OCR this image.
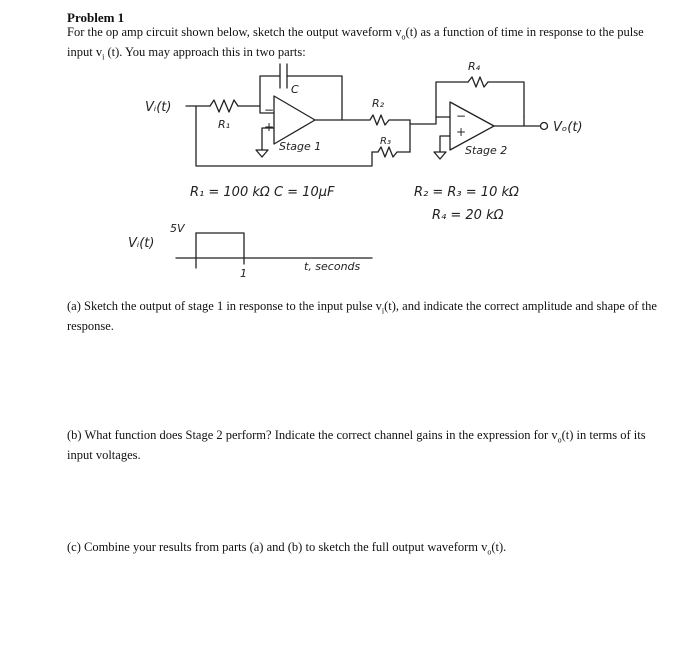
Problem 1
For the op amp circuit shown below, sketch the output waveform $v_o(t)$ as a function of time in response to the pulse input $v_i$ (t). You may approach this in two parts:
Vᵢ(t)
R₁
C
−
+
Stage 1
R₂
R₃
R₄
−
+
Stage 2
Vₒ(t)
R₁ = 100 kΩ C = 10μF	R₂ = R₃ = 10 kΩ
R₄ = 20 kΩ
Vᵢ(t)
5V
1
t, seconds
(a) Sketch the output of stage 1 in response to the input pulse $v_i(t)$, and indicate the correct amplitude and shape of the response.
(b) What function does Stage 2 perform? Indicate the correct channel gains in the expression for $v_o(t)$ in terms of its input voltages.
(c) Combine your results from parts (a) and (b) to sketch the full output waveform $v_o(t)$.
